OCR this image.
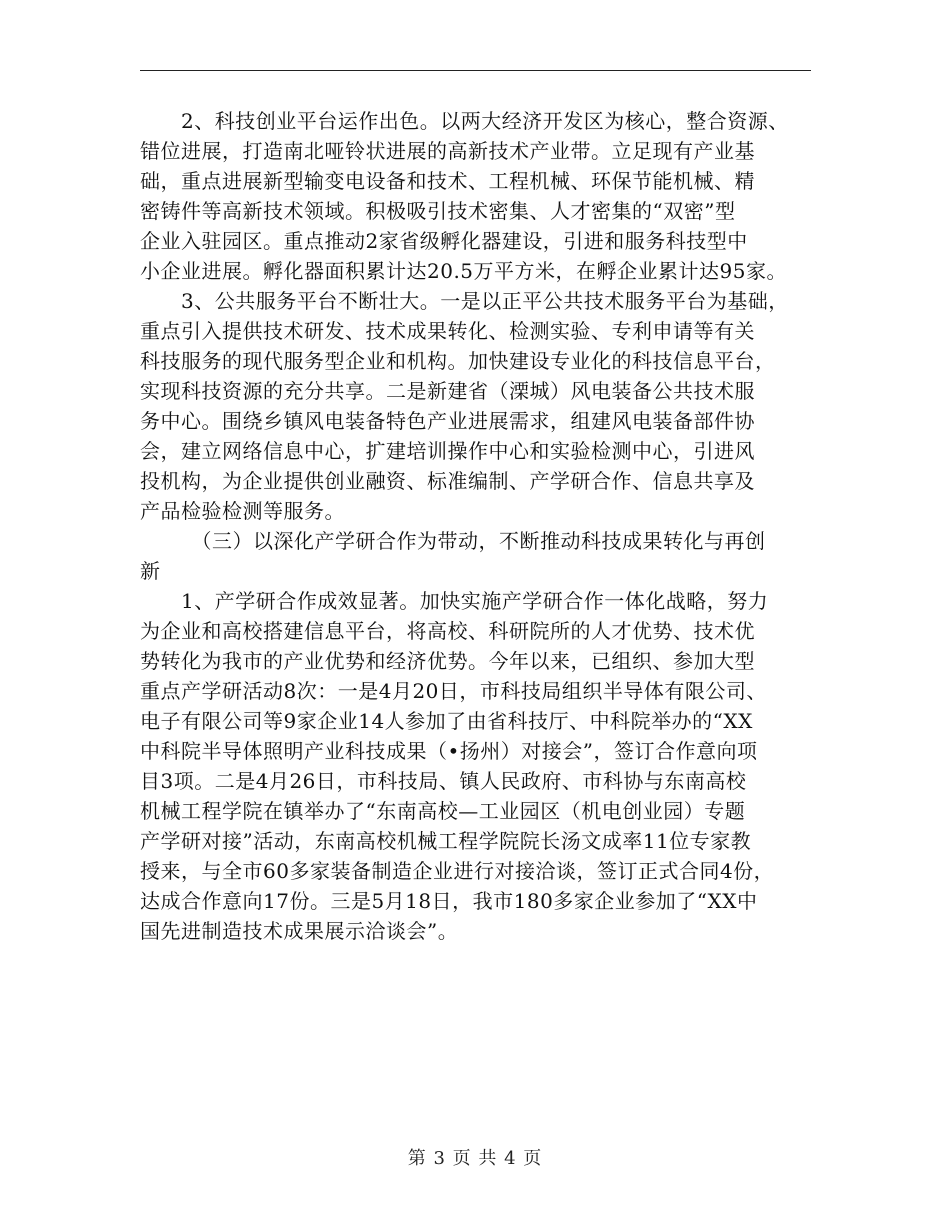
　　2、科技创业平台运作出色。以两大经济开发区为核心，整合资源、
错位进展，打造南北哑铃状进展的高新技术产业带。立足现有产业基
础，重点进展新型输变电设备和技术、工程机械、环保节能机械、精
密铸件等高新技术领域。积极吸引技术密集、人才密集的“双密”型
企业入驻园区。重点推动2家省级孵化器建设，引进和服务科技型中
小企业进展。孵化器面积累计达20.5万平方米，在孵企业累计达95家。
　　3、公共服务平台不断壮大。一是以正平公共技术服务平台为基础，
重点引入提供技术研发、技术成果转化、检测实验、专利申请等有关
科技服务的现代服务型企业和机构。加快建设专业化的科技信息平台，
实现科技资源的充分共享。二是新建省（溧城）风电装备公共技术服
务中心。围绕乡镇风电装备特色产业进展需求，组建风电装备部件协
会，建立网络信息中心，扩建培训操作中心和实验检测中心，引进风
投机构，为企业提供创业融资、标准编制、产学研合作、信息共享及
产品检验检测等服务。
　　　（三）以深化产学研合作为带动，不断推动科技成果转化与再创
新
　　1、产学研合作成效显著。加快实施产学研合作一体化战略，努力
为企业和高校搭建信息平台，将高校、科研院所的人才优势、技术优
势转化为我市的产业优势和经济优势。今年以来，已组织、参加大型
重点产学研活动8次：一是4月20日，市科技局组织半导体有限公司、
电子有限公司等9家企业14人参加了由省科技厅、中科院举办的“XX
中科院半导体照明产业科技成果（•扬州）对接会”，签订合作意向项
目3项。二是4月26日，市科技局、镇人民政府、市科协与东南高校
机械工程学院在镇举办了“东南高校—工业园区（机电创业园）专题
产学研对接”活动，东南高校机械工程学院院长汤文成率11位专家教
授来，与全市60多家装备制造企业进行对接洽谈，签订正式合同4份，
达成合作意向17份。三是5月18日，我市180多家企业参加了“XX中
国先进制造技术成果展示洽谈会”。
第 3 页 共 4 页
